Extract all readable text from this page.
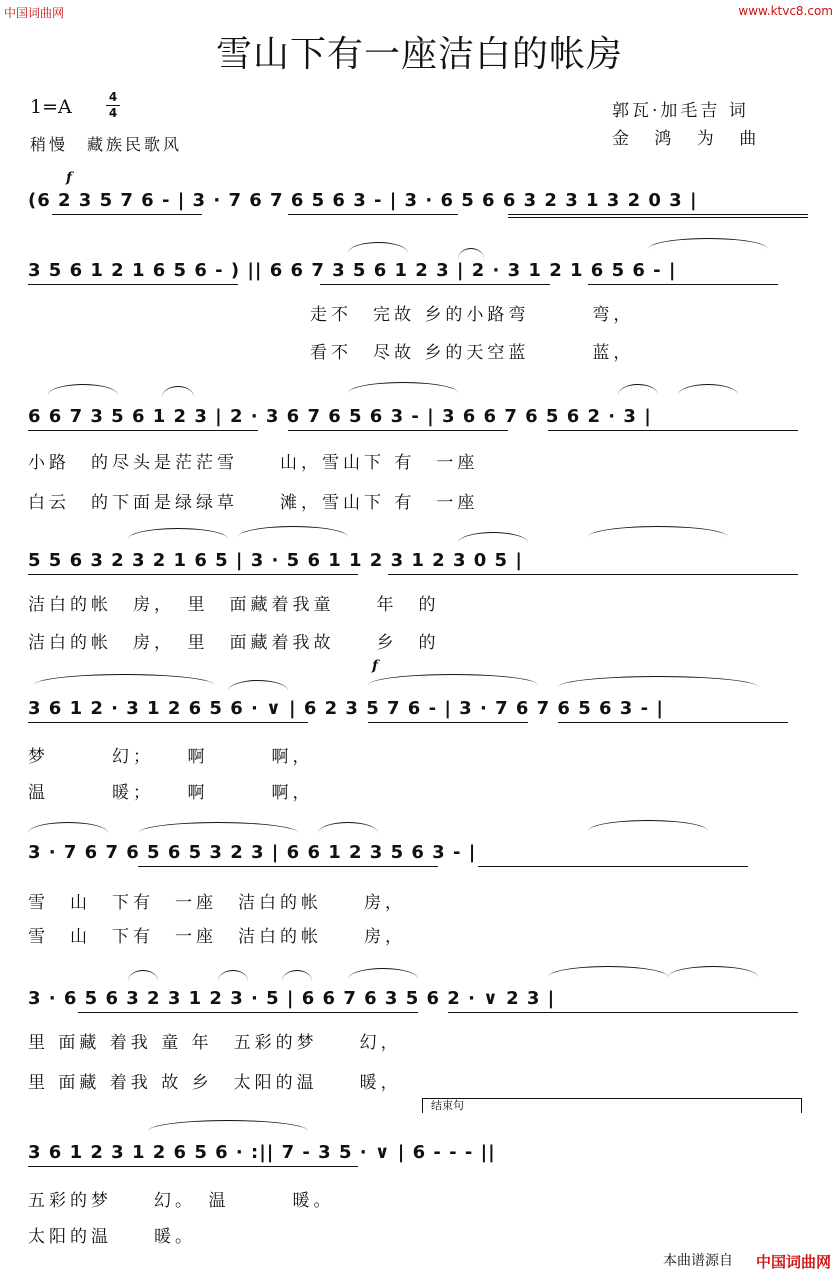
中国词曲网	www.ktvc8.com
雪山下有一座洁白的帐房
1=A	4
4
稍慢　藏族民歌风
郭瓦·加毛吉 词
金 鸿 为 曲
f
f
结束句
(6 2 3 5 7 6 - | 3 · 7 6 7 6 5 6 3 - | 3 · 6 5 6 6 3 2 3 1 3 2 0 3 |
3 5 6 1 2 1 6 5 6 - ) || 6 6 7 3 5 6 1 2 3 | 2 · 3 1 2 1 6 5 6 - |
走不　完故 乡的小路弯　　　弯，
看不　尽故 乡的天空蓝　　　蓝，
6 6 7 3 5 6 1 2 3 | 2 · 3 6 7 6 5 6 3 - | 3 6 6 7 6 5 6 2 · 3 |
小路　的尽头是茫茫雪　　山，雪山下 有　一座
白云　的下面是绿绿草　　滩，雪山下 有　一座
5 5 6 3 2 3 2 1 6 5 | 3 · 5 6 1 1 2 3 1 2 3 0 5 |
洁白的帐　房，　里　面藏着我童　　年　的
洁白的帐　房，　里　面藏着我故　　乡　的
3 6 1 2 · 3 1 2 6 5 6 · ∨ | 6 2 3 5 7 6 - | 3 · 7 6 7 6 5 6 3 - |
梦　　　幻；　　啊　　　啊，
温　　　暖；　　啊　　　啊，
3 · 7 6 7 6 5 6 5 3 2 3 | 6 6 1 2 3 5 6 3 - |
雪　山　下有　一座　洁白的帐　　房，
雪　山　下有　一座　洁白的帐　　房，
3 · 6 5 6 3 2 3 1 2 3 · 5 | 6 6 7 6 3 5 6 2 · ∨ 2 3 |
里 面藏 着我 童 年　五彩的梦　　幻，
里 面藏 着我 故 乡　太阳的温　　暖，
3 6 1 2 3 1 2 6 5 6 · :|| 7 - 3 5 · ∨ | 6 - - - ||
五彩的梦　　幻。　温　　　暖。
太阳的温　　暖。
本曲谱源自 中国词曲网
